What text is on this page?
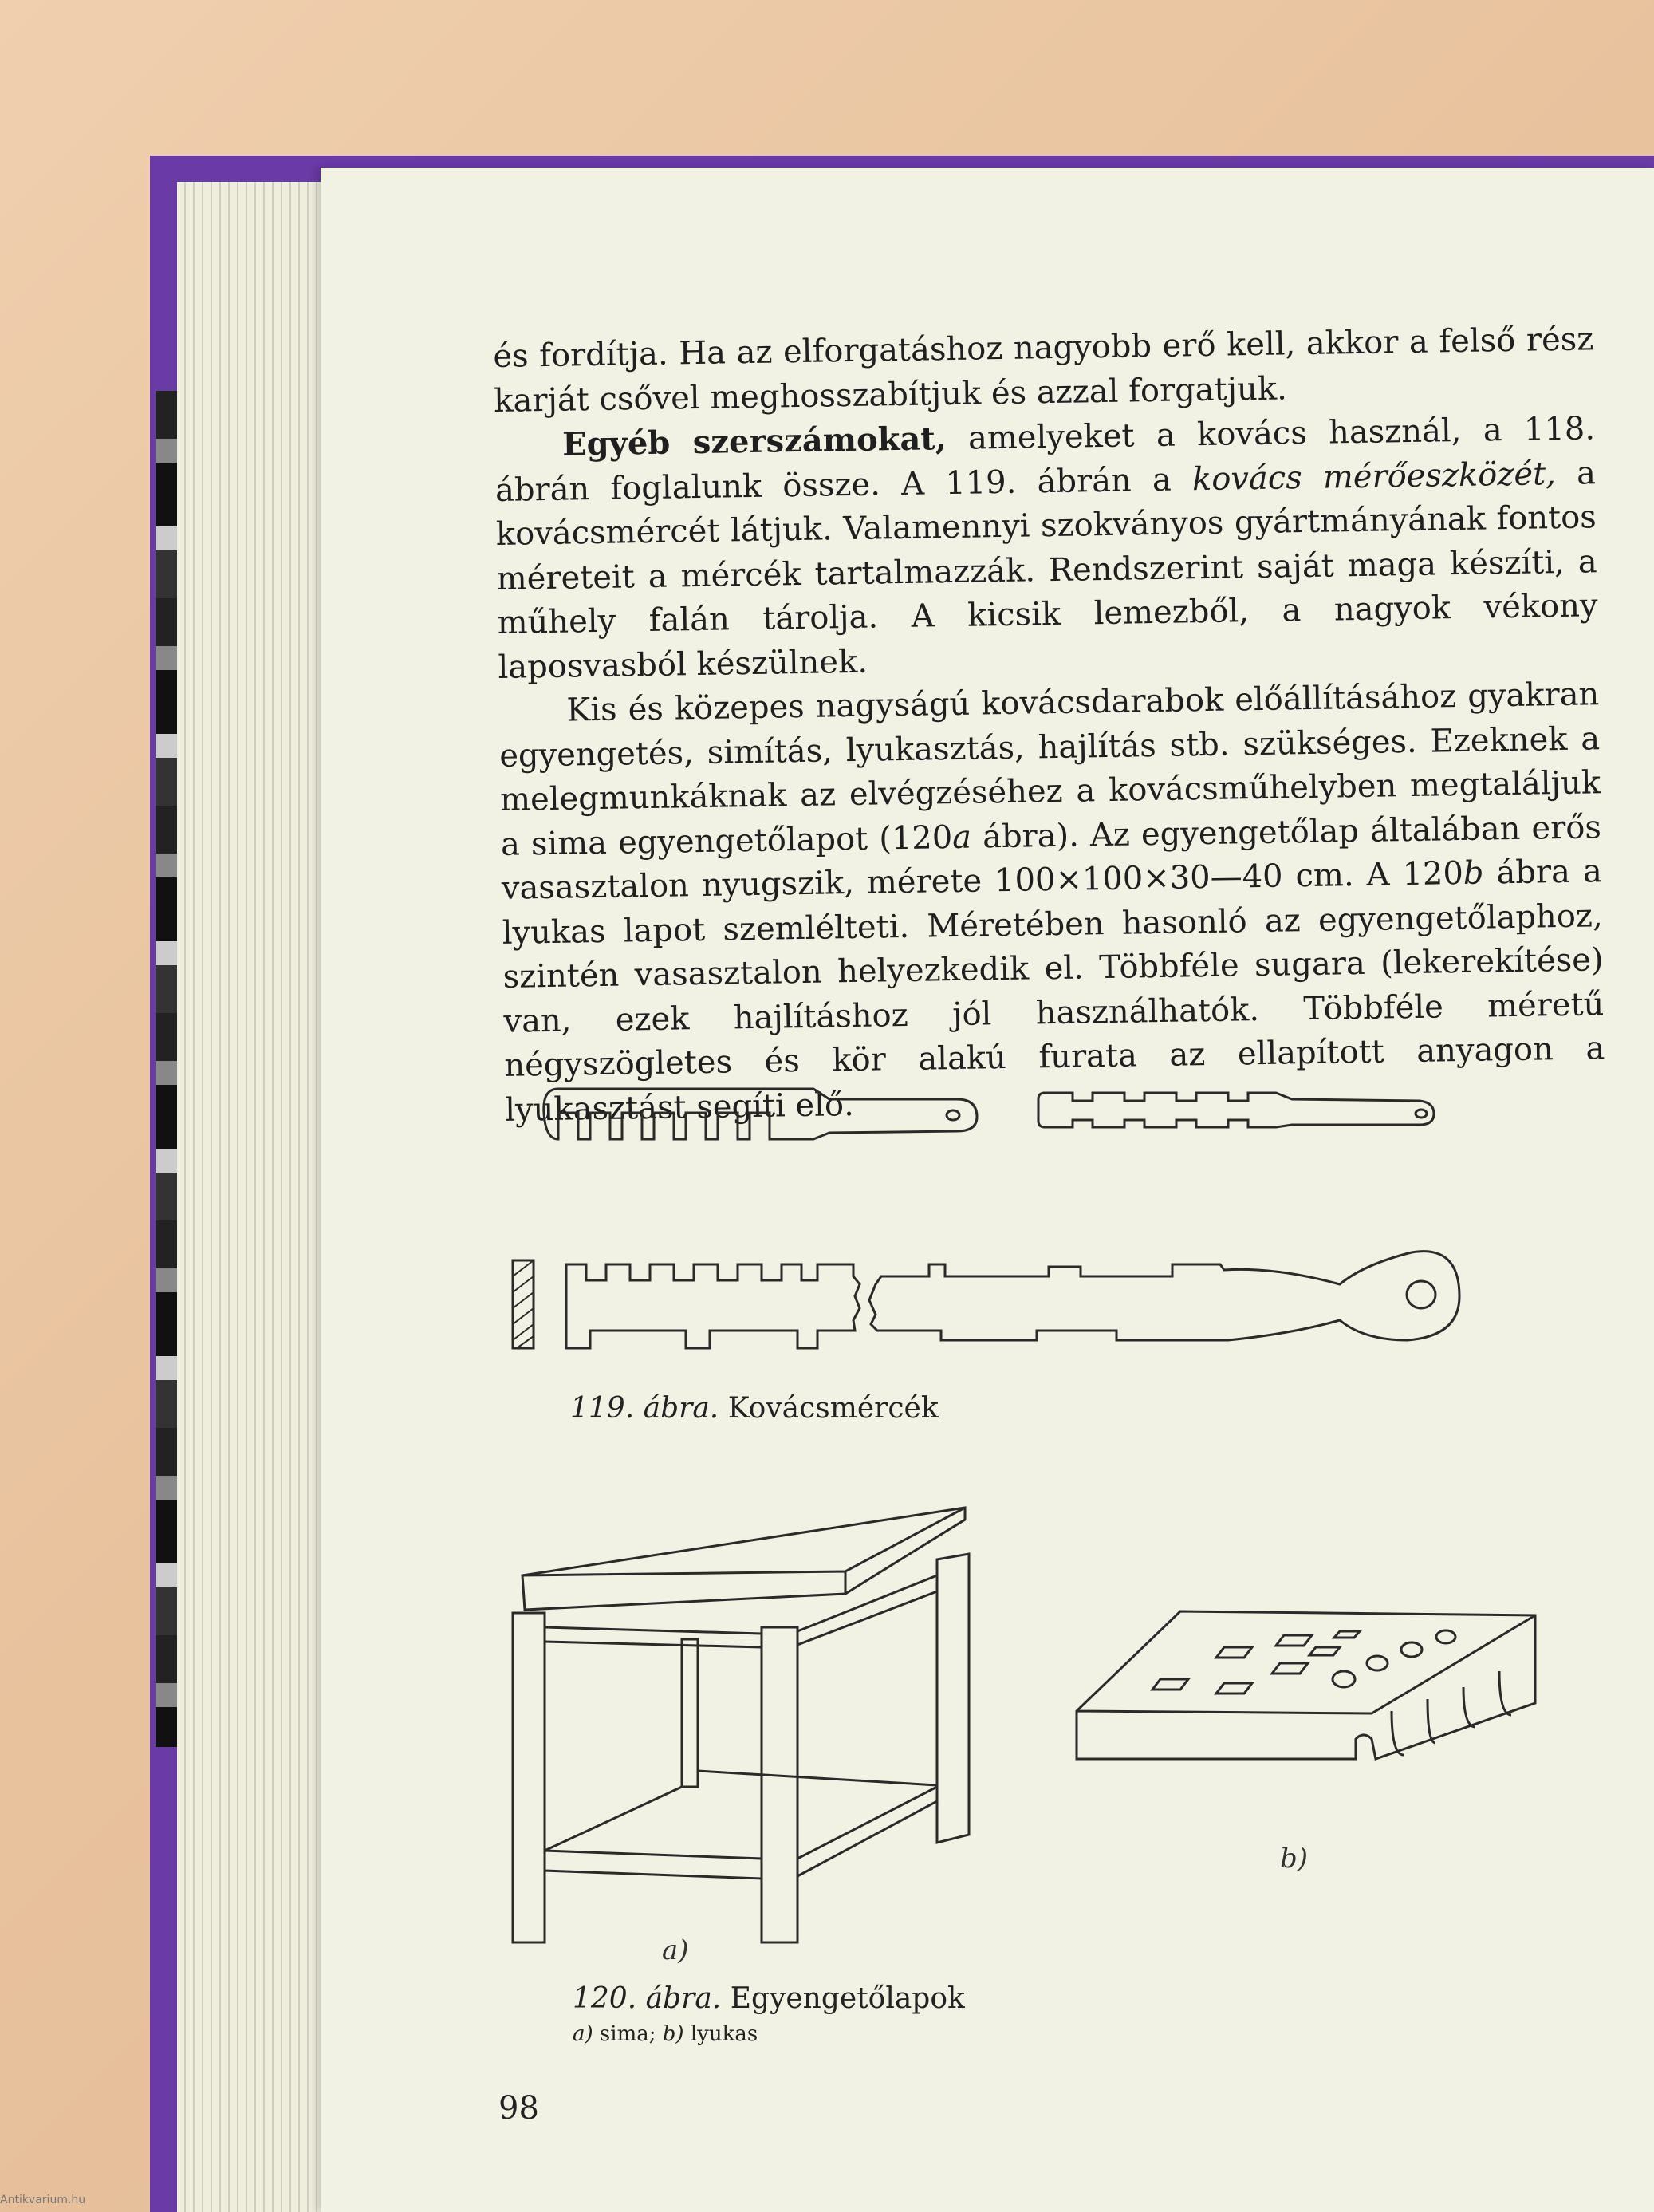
és fordítja. Ha az elforgatáshoz nagyobb erő kell, akkor a felső rész karját csővel meghosszabítjuk és azzal forgatjuk.

Egyéb szerszámokat, amelyeket a kovács használ, a 118. ábrán foglalunk össze. A 119. ábrán a kovács mérőeszközét, a kovácsmércét látjuk. Valamennyi szokványos gyártmányának fontos méreteit a mércék tartalmazzák. Rendszerint saját maga készíti, a műhely falán tárolja. A kicsik lemezből, a nagyok vékony laposvasból készülnek.

Kis és közepes nagyságú kovácsdarabok előállításához gyakran egyengetés, simítás, lyukasztás, hajlítás stb. szükséges. Ezeknek a melegmunkáknak az elvégzéséhez a kovácsműhelyben megtaláljuk a sima egyengetőlapot (120a ábra). Az egyengetőlap általában erős vasasztalon nyugszik, mérete 100×100×30—40 cm. A 120b ábra a lyukas lapot szemlélteti. Méretében hasonló az egyengetőlaphoz, szintén vasasztalon helyezkedik el. Többféle sugara (lekerekítése) van, ezek hajlításhoz jól használhatók. Többféle méretű négyszögletes és kör alakú furata az ellapított anyagon a lyukasztást segíti elő.

119. ábra. Kovácsmércék
a)
b)
120. ábra. Egyengetőlapok
a) sima; b) lyukas
98
Antikvarium.hu
